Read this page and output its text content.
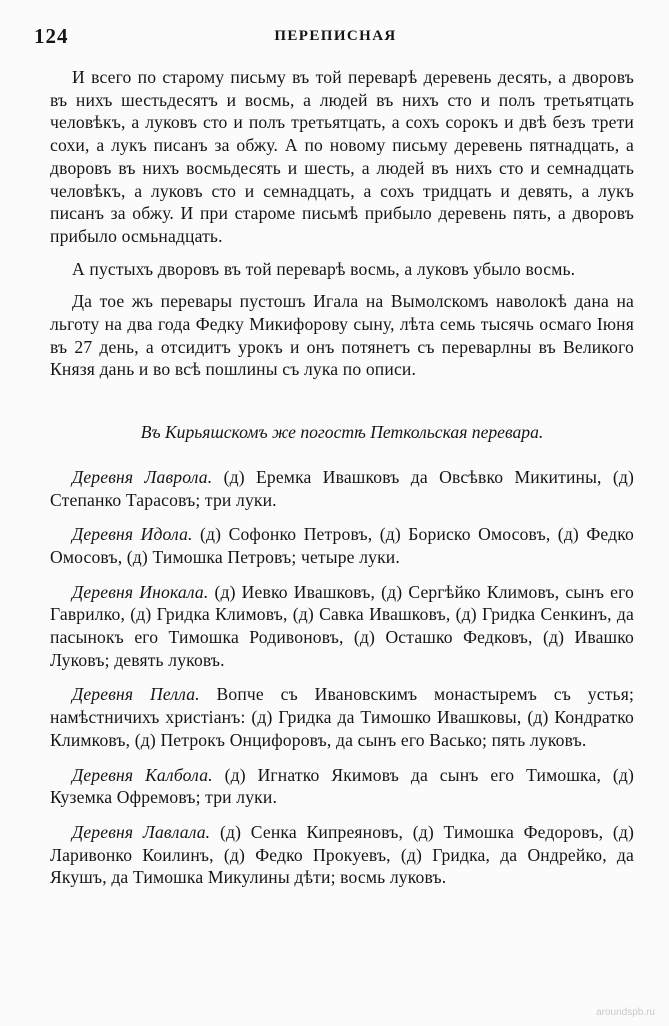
124	ПЕРЕПИСНАЯ

И всего по старому письму въ той переварѣ деревень десять, а дворовъ въ нихъ шестьдесятъ и восмь, а людей въ нихъ сто и полъ третьятцать человѣкъ, а луковъ сто и полъ третьятцать, а сохъ сорокъ и двѣ безъ трети сохи, а лукъ писанъ за обжу. А по новому письму деревень пятнадцать, а дворовъ въ нихъ восмьдесять и шесть, а людей въ нихъ сто и семнадцать человѣкъ, а луковъ сто и семнадцать, а сохъ тридцать и девять, а лукъ писанъ за обжу. И при староме письмѣ прибыло деревень пять, а дворовъ прибыло осмьнадцать.

А пустыхъ дворовъ въ той переварѣ восмь, а луковъ убыло восмь.

Да тое жъ перевары пустошъ Игала на Вымолскомъ наволокѣ дана на льготу на два года Федку Микифорову сыну, лѣта семь тысячь осмаго Іюня въ 27 день, а отсидитъ урокъ и онъ потянетъ съ переварлны въ Великого Князя дань и во всѣ пошлины съ лука по описи.

Въ Кирьяшскомъ же погостѣ Петкольская перевара.

Деревня Лаврола. (д) Еремка Ивашковъ да Овсѣвко Микитины, (д) Степанко Тарасовъ; три луки.

Деревня Идола. (д) Софонко Петровъ, (д) Бориско Омосовъ, (д) Федко Омосовъ, (д) Тимошка Петровъ; четыре луки.

Деревня Инокала. (д) Иевко Ивашковъ, (д) Сергѣйко Климовъ, сынъ его Гаврилко, (д) Гридка Климовъ, (д) Савка Ивашковъ, (д) Гридка Сенкинъ, да пасынокъ его Тимошка Родивоновъ, (д) Осташко Федковъ, (д) Ивашко Луковъ; девять луковъ.

Деревня Пелла. Вопче съ Ивановскимъ монастыремъ съ устья; намѣстничихъ христіанъ: (д) Гридка да Тимошко Ивашковы, (д) Кондратко Климковъ, (д) Петрокъ Онцифоровъ, да сынъ его Васько; пять луковъ.

Деревня Калбола. (д) Игнатко Якимовъ да сынъ его Тимошка, (д) Куземка Офремовъ; три луки.

Деревня Лавлала. (д) Сенка Кипреяновъ, (д) Тимошка Федоровъ, (д) Ларивонко Коилинъ, (д) Федко Прокуевъ, (д) Гридка, да Ондрейко, да Якушъ, да Тимошка Микулины дѣти; восмь луковъ.

aroundspb.ru
